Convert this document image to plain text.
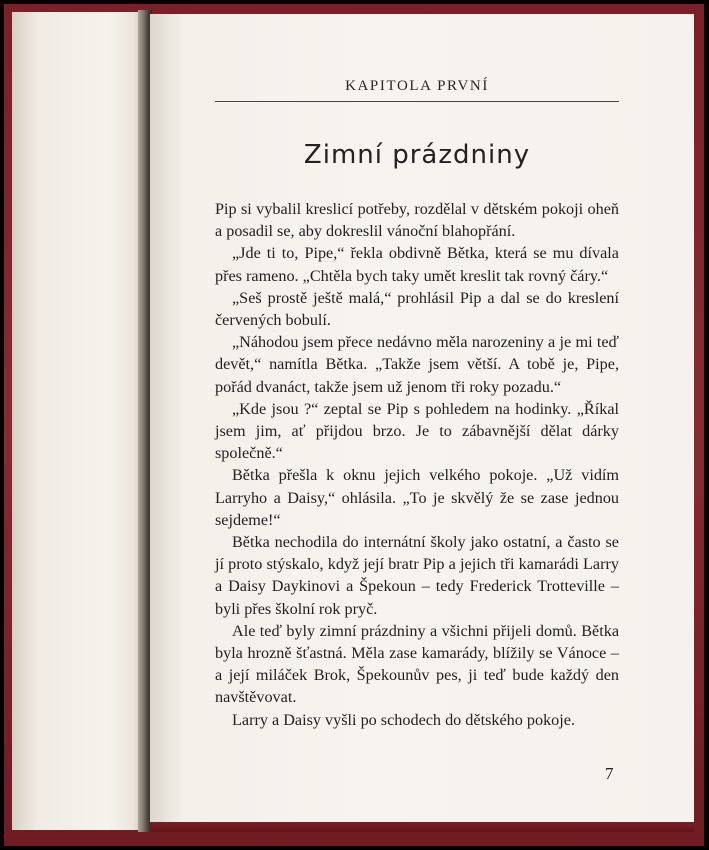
KAPITOLA PRVNÍ
Zimní prázdniny

Pip si vybalil kreslicí potřeby, rozdělal v dětském pokoji oheň a posadil se, aby dokreslil vánoční blahopřání.

„Jde ti to, Pipe,“ řekla obdivně Bětka, která se mu dívala přes rameno. „Chtěla bych taky umět kreslit tak rovný čáry.“

„Seš prostě ještě malá,“ prohlásil Pip a dal se do kreslení červených bobulí.

„Náhodou jsem přece nedávno měla narozeniny a je mi teď devět,“ namítla Bětka. „Takže jsem větší. A tobě je, Pipe, pořád dvanáct, takže jsem už jenom tři roky pozadu.“

„Kde jsou ?“ zeptal se Pip s pohledem na hodinky. „Říkal jsem jim, ať přijdou brzo. Je to zábavnější dělat dárky společně.“

Bětka přešla k oknu jejich velkého pokoje. „Už vidím Larryho a Daisy,“ ohlásila. „To je skvělý že se zase jednou sejdeme!“

Bětka nechodila do internátní školy jako ostatní, a často se jí proto stýskalo, když její bratr Pip a jejich tři kamarádi Larry a Daisy Daykinovi a Špekoun – tedy Frederick Trotteville – byli přes školní rok pryč.

Ale teď byly zimní prázdniny a všichni přijeli domů. Bětka byla hrozně šťastná. Měla zase kamarády, blížily se Vánoce – a její miláček Brok, Špekounův pes, ji teď bude každý den navštěvovat.

Larry a Daisy vyšli po schodech do dětského pokoje.

7
